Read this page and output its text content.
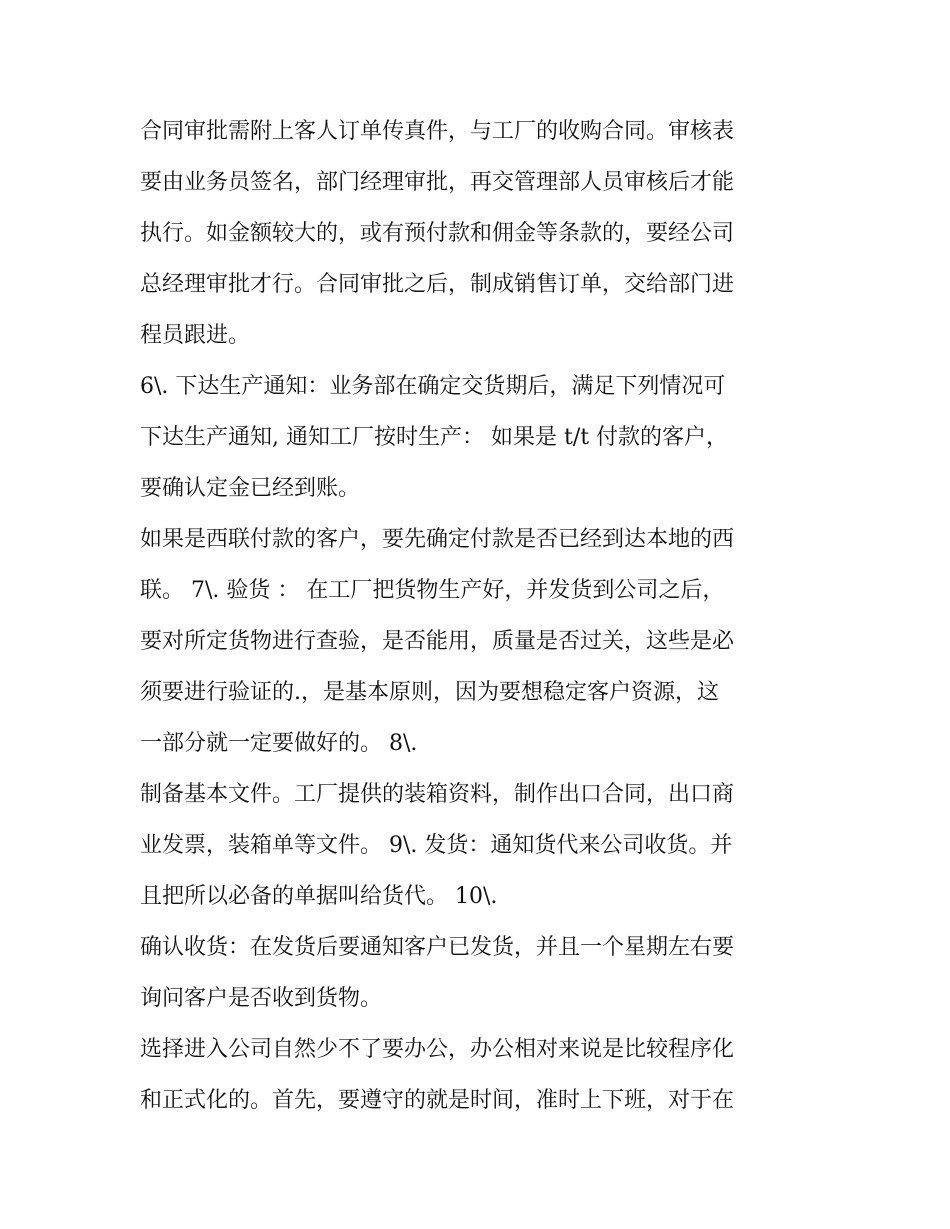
合同审批需附上客人订单传真件，与工厂的收购合同。审核表
要由业务员签名，部门经理审批，再交管理部人员审核后才能
执行。如金额较大的，或有预付款和佣金等条款的，要经公司
总经理审批才行。合同审批之后，制成销售订单，交给部门进
程员跟进。
6\. 下达生产通知：业务部在确定交货期后，满足下列情况可
下达生产通知, 通知工厂按时生产： 如果是 t/t 付款的客户，
要确认定金已经到账。
如果是西联付款的客户，要先确定付款是否已经到达本地的西
联。 7\. 验货 ： 在工厂把货物生产好，并发货到公司之后，
要对所定货物进行查验，是否能用，质量是否过关，这些是必
须要进行验证的.，是基本原则，因为要想稳定客户资源，这
一部分就一定要做好的。 8\.
制备基本文件。工厂提供的装箱资料，制作出口合同，出口商
业发票，装箱单等文件。 9\. 发货：通知货代来公司收货。并
且把所以必备的单据叫给货代。 10\.
确认收货：在发货后要通知客户已发货，并且一个星期左右要
询问客户是否收到货物。
选择进入公司自然少不了要办公，办公相对来说是比较程序化
和正式化的。首先，要遵守的就是时间，准时上下班，对于在
